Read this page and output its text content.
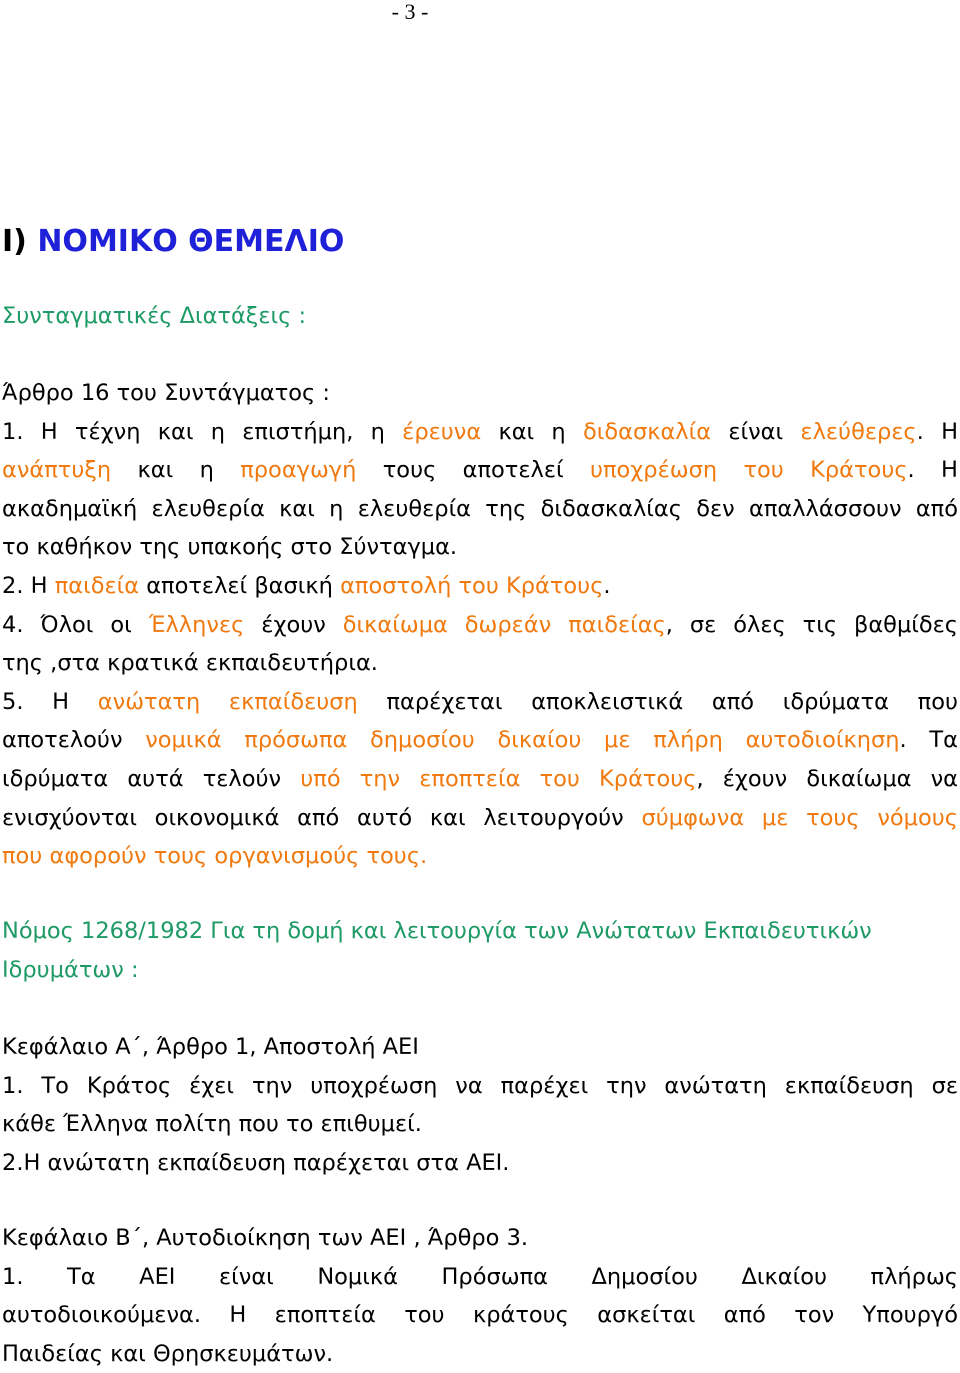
- 3 -
I) ΝΟΜΙΚΟ ΘΕΜΕΛΙΟ
Συνταγματικές Διατάξεις :
Άρθρο 16 του Συντάγματος :
1. Η τέχνη και η επιστήμη, η έρευνα και η διδασκαλία είναι ελεύθερες. Η
ανάπτυξη και η προαγωγή τους αποτελεί υποχρέωση του Κράτους. Η
ακαδημαϊκή ελευθερία και η ελευθερία της διδασκαλίας δεν απαλλάσσουν από
το καθήκον της υπακοής στο Σύνταγμα.
2. Η παιδεία αποτελεί βασική αποστολή του Κράτους.
4. Όλοι οι Έλληνες έχουν δικαίωμα δωρεάν παιδείας, σε όλες τις βαθμίδες
της ,στα κρατικά εκπαιδευτήρια.
5. Η ανώτατη εκπαίδευση παρέχεται αποκλειστικά από ιδρύματα που
αποτελούν νομικά πρόσωπα δημοσίου δικαίου με πλήρη αυτοδιοίκηση. Τα
ιδρύματα αυτά τελούν υπό την εποπτεία του Κράτους, έχουν δικαίωμα να
ενισχύονται οικονομικά από αυτό και λειτουργούν σύμφωνα με τους νόμους
που αφορούν τους οργανισμούς τους.
Νόμος 1268/1982 Για τη δομή και λειτουργία των Ανώτατων Εκπαιδευτικών
Ιδρυμάτων :
Κεφάλαιο Α΄, Άρθρο 1, Αποστολή ΑΕΙ
1. Το Κράτος έχει την υποχρέωση να παρέχει την ανώτατη εκπαίδευση σε
κάθε Έλληνα πολίτη που το επιθυμεί.
2.Η ανώτατη εκπαίδευση παρέχεται στα ΑΕΙ.
Κεφάλαιο Β΄, Αυτοδιοίκηση των ΑΕΙ , Άρθρο 3.
1. Τα ΑΕΙ είναι Νομικά Πρόσωπα Δημοσίου Δικαίου πλήρως
αυτοδιοικούμενα. Η εποπτεία του κράτους ασκείται από τον Υπουργό
Παιδείας και Θρησκευμάτων.
